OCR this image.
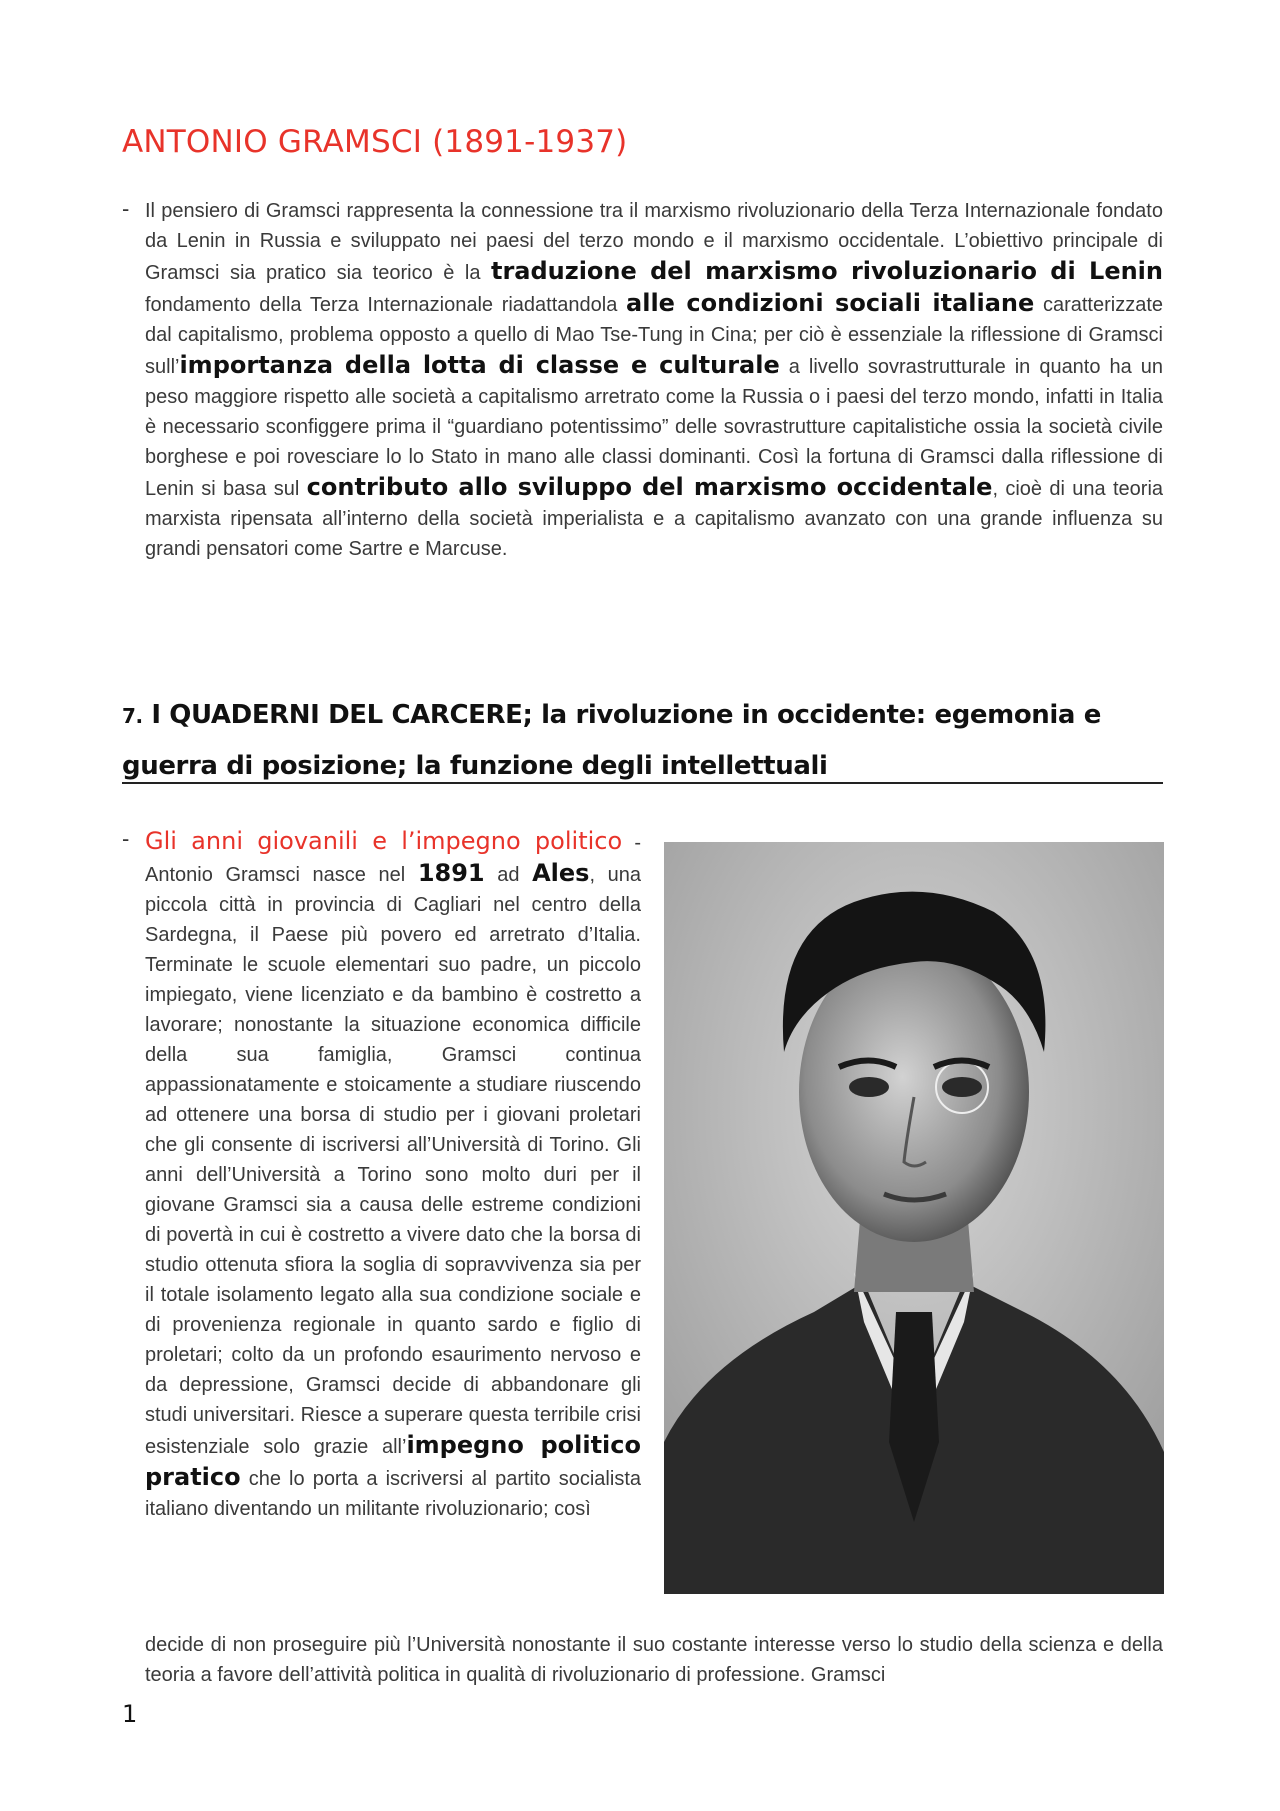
ANTONIO GRAMSCI (1891-1937)
- Il pensiero di Gramsci rappresenta la connessione tra il marxismo rivoluzionario della Terza Internazionale fondato da Lenin in Russia e sviluppato nei paesi del terzo mondo e il marxismo occidentale. L’obiettivo principale di Gramsci sia pratico sia teorico è la traduzione del marxismo rivoluzionario di Lenin fondamento della Terza Internazionale riadattandola alle condizioni sociali italiane caratterizzate dal capitalismo, problema opposto a quello di Mao Tse-Tung in Cina; per ciò è essenziale la riflessione di Gramsci sull’importanza della lotta di classe e culturale a livello sovrastrutturale in quanto ha un peso maggiore rispetto alle società a capitalismo arretrato come la Russia o i paesi del terzo mondo, infatti in Italia è necessario sconfiggere prima il “guardiano potentissimo” delle sovrastrutture capitalistiche ossia la società civile borghese e poi rovesciare lo lo Stato in mano alle classi dominanti. Così la fortuna di Gramsci dalla riflessione di Lenin si basa sul contributo allo sviluppo del marxismo occidentale, cioè di una teoria marxista ripensata all’interno della società imperialista e a capitalismo avanzato con una grande influenza su grandi pensatori come Sartre e Marcuse.

7. I QUADERNI DEL CARCERE; la rivoluzione in occidente: egemonia e guerra di posizione; la funzione degli intellettuali
- Gli anni giovanili e l’impegno politico - Antonio Gramsci nasce nel 1891 ad Ales, una piccola città in provincia di Cagliari nel centro della Sardegna, il Paese più povero ed arretrato d’Italia. Terminate le scuole elementari suo padre, un piccolo impiegato, viene licenziato e da bambino è costretto a lavorare; nonostante la situazione economica difficile della sua famiglia, Gramsci continua appassionatamente e stoicamente a studiare riuscendo ad ottenere una borsa di studio per i giovani proletari che gli consente di iscriversi all’Università di Torino. Gli anni dell’Università a Torino sono molto duri per il giovane Gramsci sia a causa delle estreme condizioni di povertà in cui è costretto a vivere dato che la borsa di studio ottenuta sfiora la soglia di sopravvivenza sia per il totale isolamento legato alla sua condizione sociale e di provenienza regionale in quanto sardo e figlio di proletari; colto da un profondo esaurimento nervoso e da depressione, Gramsci decide di abbandonare gli studi universitari. Riesce a superare questa terribile crisi esistenziale solo grazie all’impegno politico pratico che lo porta a iscriversi al partito socialista italiano diventando un militante rivoluzionario; così

decide di non proseguire più l’Università nonostante il suo costante interesse verso lo studio della scienza e della teoria a favore dell’attività politica in qualità di rivoluzionario di professione. Gramsci

1
